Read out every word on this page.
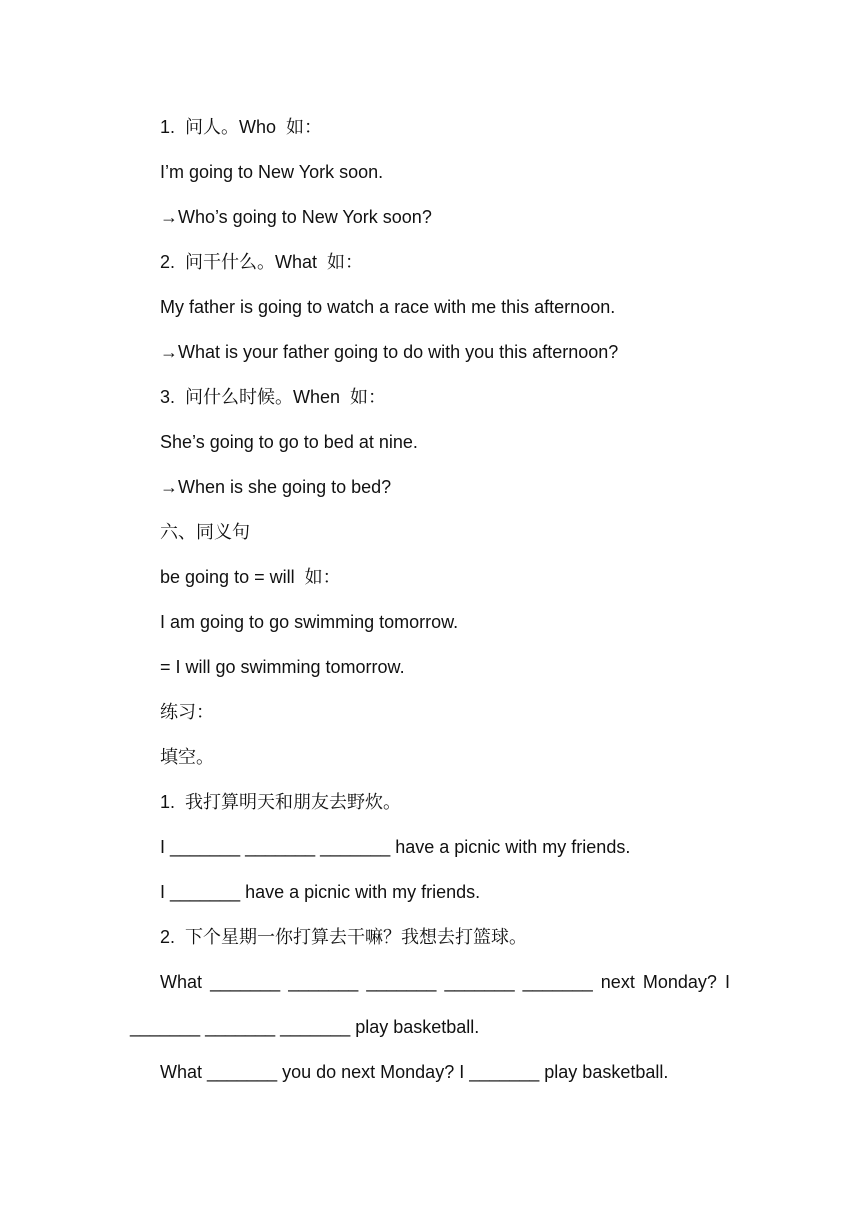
1.  问人。Who  如：
I’m going to New York soon.
→Who’s going to New York soon?
2.  问干什么。What  如：
My father is going to watch a race with me this afternoon.
→What is your father going to do with you this afternoon?
3.  问什么时候。When  如：
She’s going to go to bed at nine.
→When is she going to bed?
六、同义句
be going to = will  如：
I am going to go swimming tomorrow.
= I will go swimming tomorrow.
练习：
填空。
1.  我打算明天和朋友去野炊。
I _______ _______ _______ have a picnic with my friends.
I _______ have a picnic with my friends.
2.  下个星期一你打算去干嘛？我想去打篮球。
What _______ _______ _______ _______ _______ next Monday? I
_______ _______ _______ play basketball.
What _______ you do next Monday? I _______ play basketball.
